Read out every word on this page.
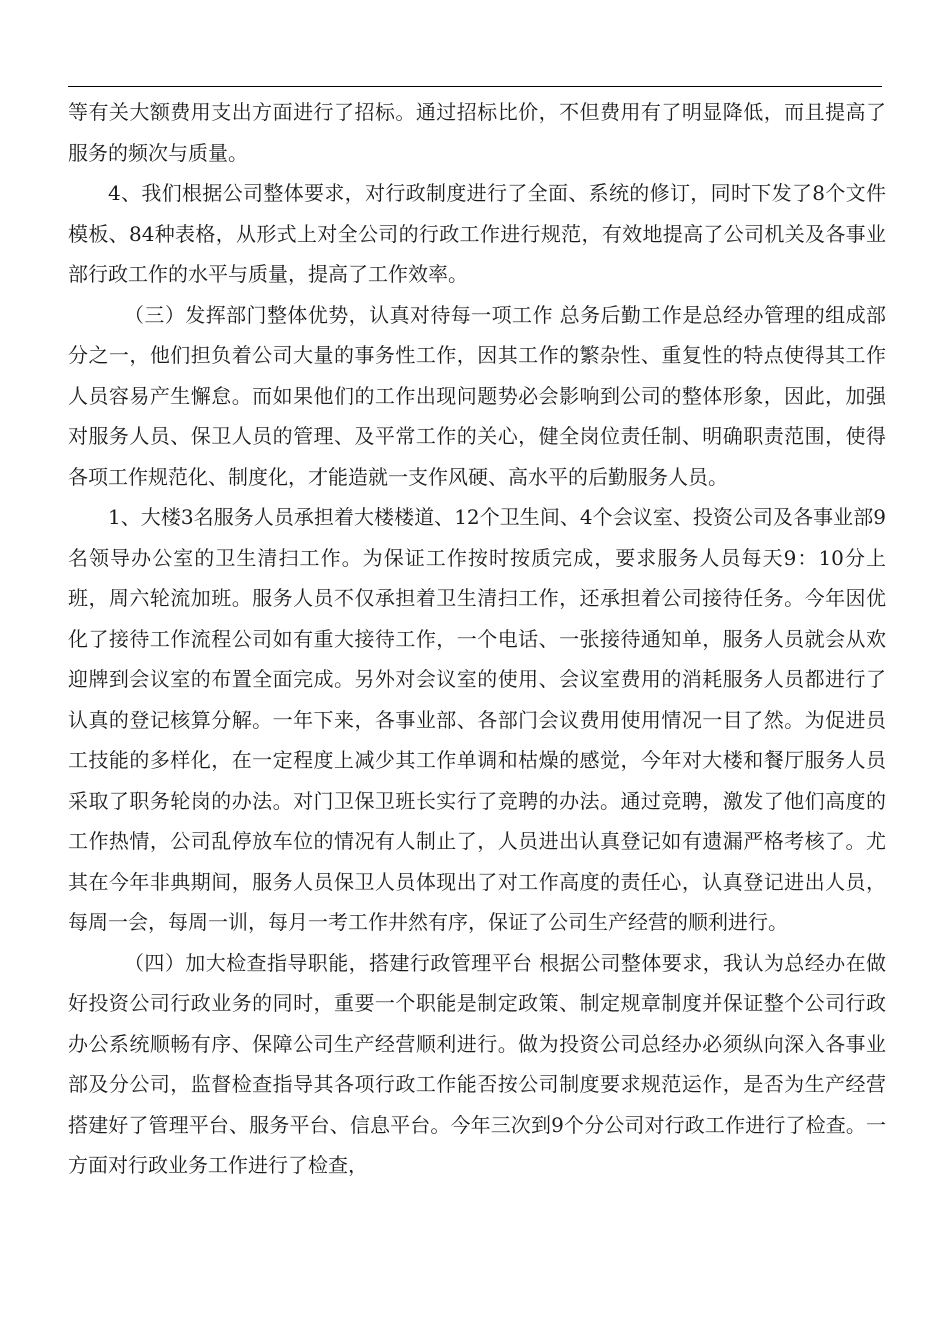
等有关大额费用支出方面进行了招标。通过招标比价，不但费用有了明显降低，而且提高了服务的频次与质量。

4、我们根据公司整体要求，对行政制度进行了全面、系统的修订，同时下发了8个文件模板、84种表格，从形式上对全公司的行政工作进行规范，有效地提高了公司机关及各事业部行政工作的水平与质量，提高了工作效率。

（三）发挥部门整体优势，认真对待每一项工作 总务后勤工作是总经办管理的组成部分之一，他们担负着公司大量的事务性工作，因其工作的繁杂性、重复性的特点使得其工作人员容易产生懈怠。而如果他们的工作出现问题势必会影响到公司的整体形象，因此，加强对服务人员、保卫人员的管理、及平常工作的关心，健全岗位责任制、明确职责范围，使得各项工作规范化、制度化，才能造就一支作风硬、高水平的后勤服务人员。

1、大楼3名服务人员承担着大楼楼道、12个卫生间、4个会议室、投资公司及各事业部9名领导办公室的卫生清扫工作。为保证工作按时按质完成，要求服务人员每天9：10分上班，周六轮流加班。服务人员不仅承担着卫生清扫工作，还承担着公司接待任务。今年因优化了接待工作流程公司如有重大接待工作，一个电话、一张接待通知单，服务人员就会从欢迎牌到会议室的布置全面完成。另外对会议室的使用、会议室费用的消耗服务人员都进行了认真的登记核算分解。一年下来，各事业部、各部门会议费用使用情况一目了然。为促进员工技能的多样化，在一定程度上减少其工作单调和枯燥的感觉，今年对大楼和餐厅服务人员采取了职务轮岗的办法。对门卫保卫班长实行了竞聘的办法。通过竞聘，激发了他们高度的工作热情，公司乱停放车位的情况有人制止了，人员进出认真登记如有遗漏严格考核了。尤其在今年非典期间，服务人员保卫人员体现出了对工作高度的责任心，认真登记进出人员，每周一会，每周一训，每月一考工作井然有序，保证了公司生产经营的顺利进行。

（四）加大检查指导职能，搭建行政管理平台 根据公司整体要求，我认为总经办在做好投资公司行政业务的同时，重要一个职能是制定政策、制定规章制度并保证整个公司行政办公系统顺畅有序、保障公司生产经营顺利进行。做为投资公司总经办必须纵向深入各事业部及分公司，监督检查指导其各项行政工作能否按公司制度要求规范运作，是否为生产经营搭建好了管理平台、服务平台、信息平台。今年三次到9个分公司对行政工作进行了检查。一方面对行政业务工作进行了检查，
